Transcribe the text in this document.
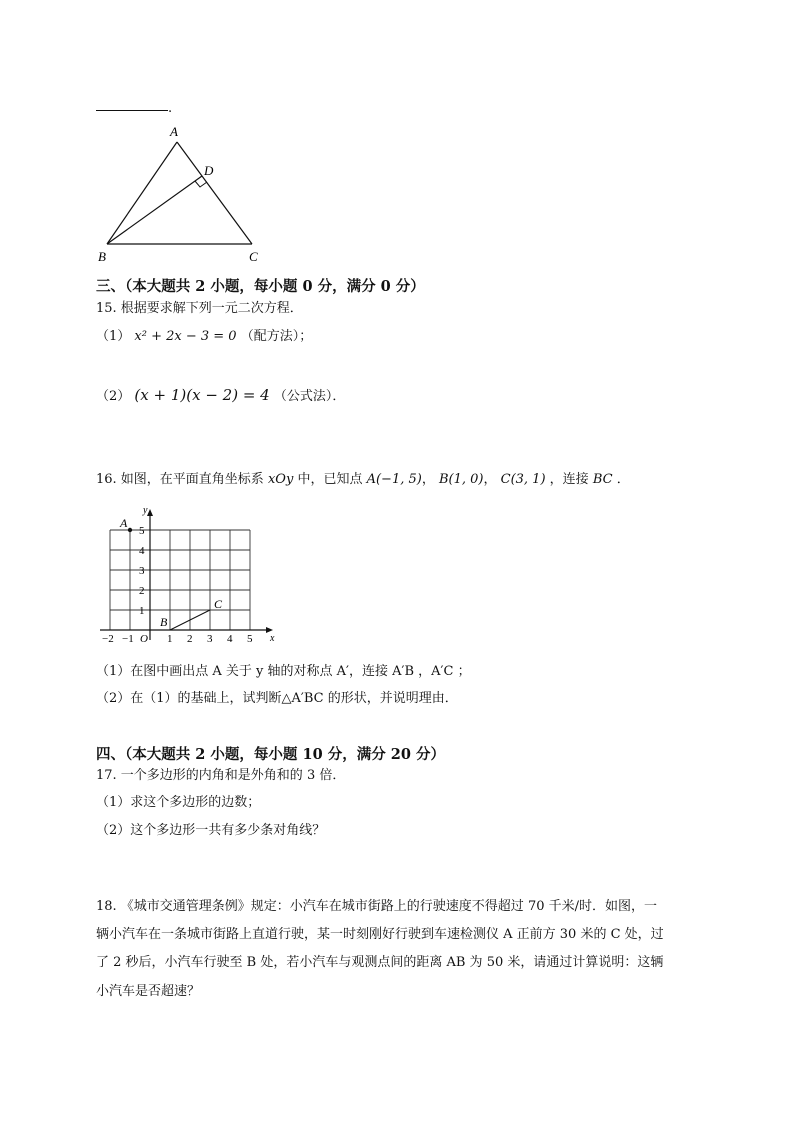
.
A
D
B	C
三、（本大题共 2 小题，每小题 0 分，满分 0 分）
15. 根据要求解下列一元二次方程．
（1） x² + 2x − 3 = 0 （配方法）；
（2） (x + 1)(x − 2) = 4 （公式法）．
16. 如图，在平面直角坐标系 xOy 中，已知点 A(−1, 5)， B(1, 0)， C(3, 1) ，连接 BC ．
y
x
O
−2 −1	1 2 3 4 5
1
2
3
4
5
A
B
C
（1）在图中画出点 A 关于 y 轴的对称点 A′，连接 A′B ，A′C ；
（2）在（1）的基础上，试判断△A′BC 的形状，并说明理由．
四、（本大题共 2 小题，每小题 10 分，满分 20 分）
17. 一个多边形的内角和是外角和的 3 倍．
（1）求这个多边形的边数；
（2）这个多边形一共有多少条对角线？
18. 《城市交通管理条例》规定：小汽车在城市街路上的行驶速度不得超过 70 千米/时．如图，一
辆小汽车在一条城市街路上直道行驶，某一时刻刚好行驶到车速检测仪 A 正前方 30 米的 C 处，过
了 2 秒后，小汽车行驶至 B 处，若小汽车与观测点间的距离 AB 为 50 米，请通过计算说明：这辆
小汽车是否超速？
